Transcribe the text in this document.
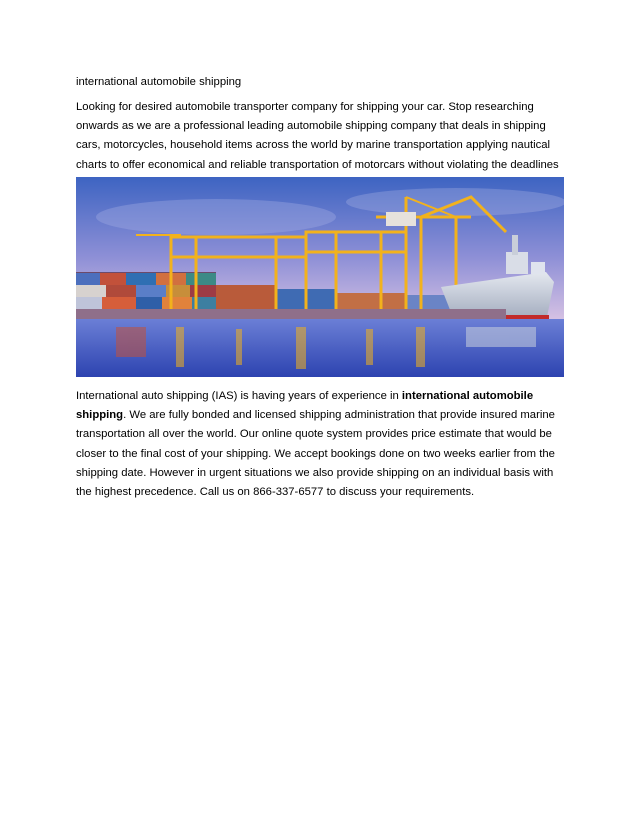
international automobile shipping

Looking for desired automobile transporter company for shipping your car. Stop researching onwards as we are a professional leading automobile shipping company that deals in shipping cars, motorcycles, household items across the world by marine transportation applying nautical charts to offer economical and reliable transportation of motorcars without violating the deadlines

International auto shipping (IAS) is having years of experience in international automobile shipping. We are fully bonded and licensed shipping administration that provide insured marine transportation all over the world. Our online quote system provides price estimate that would be closer to the final cost of your shipping. We accept bookings done on two weeks earlier from the shipping date. However in urgent situations we also provide shipping on an individual basis with the highest precedence. Call us on 866-337-6577 to discuss your requirements.
